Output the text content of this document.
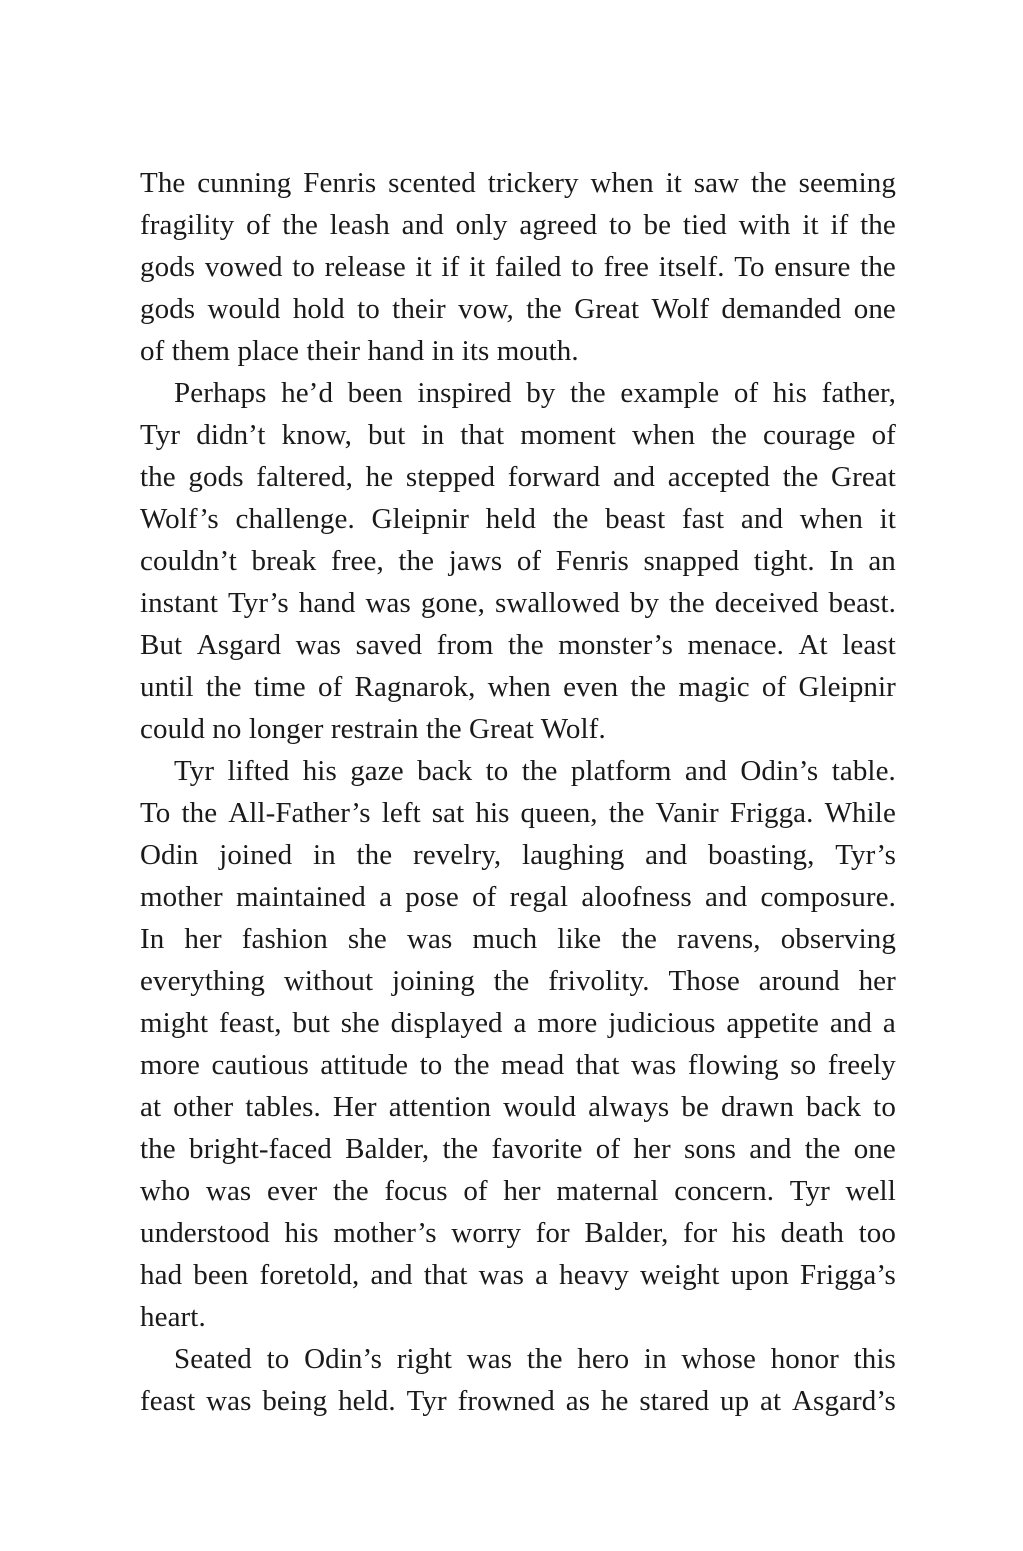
The cunning Fenris scented trickery when it saw the seeming
fragility of the leash and only agreed to be tied with it if the
gods vowed to release it if it failed to free itself. To ensure the
gods would hold to their vow, the Great Wolf demanded one
of them place their hand in its mouth.
Perhaps he’d been inspired by the example of his father,
Tyr didn’t know, but in that moment when the courage of
the gods faltered, he stepped forward and accepted the Great
Wolf’s challenge. Gleipnir held the beast fast and when it
couldn’t break free, the jaws of Fenris snapped tight. In an
instant Tyr’s hand was gone, swallowed by the deceived beast.
But Asgard was saved from the monster’s menace. At least
until the time of Ragnarok, when even the magic of Gleipnir
could no longer restrain the Great Wolf.
Tyr lifted his gaze back to the platform and Odin’s table.
To the All-Father’s left sat his queen, the Vanir Frigga. While
Odin joined in the revelry, laughing and boasting, Tyr’s
mother maintained a pose of regal aloofness and composure.
In her fashion she was much like the ravens, observing
everything without joining the frivolity. Those around her
might feast, but she displayed a more judicious appetite and a
more cautious attitude to the mead that was flowing so freely
at other tables. Her attention would always be drawn back to
the bright-faced Balder, the favorite of her sons and the one
who was ever the focus of her maternal concern. Tyr well
understood his mother’s worry for Balder, for his death too
had been foretold, and that was a heavy weight upon Frigga’s
heart.
Seated to Odin’s right was the hero in whose honor this
feast was being held. Tyr frowned as he stared up at Asgard’s
